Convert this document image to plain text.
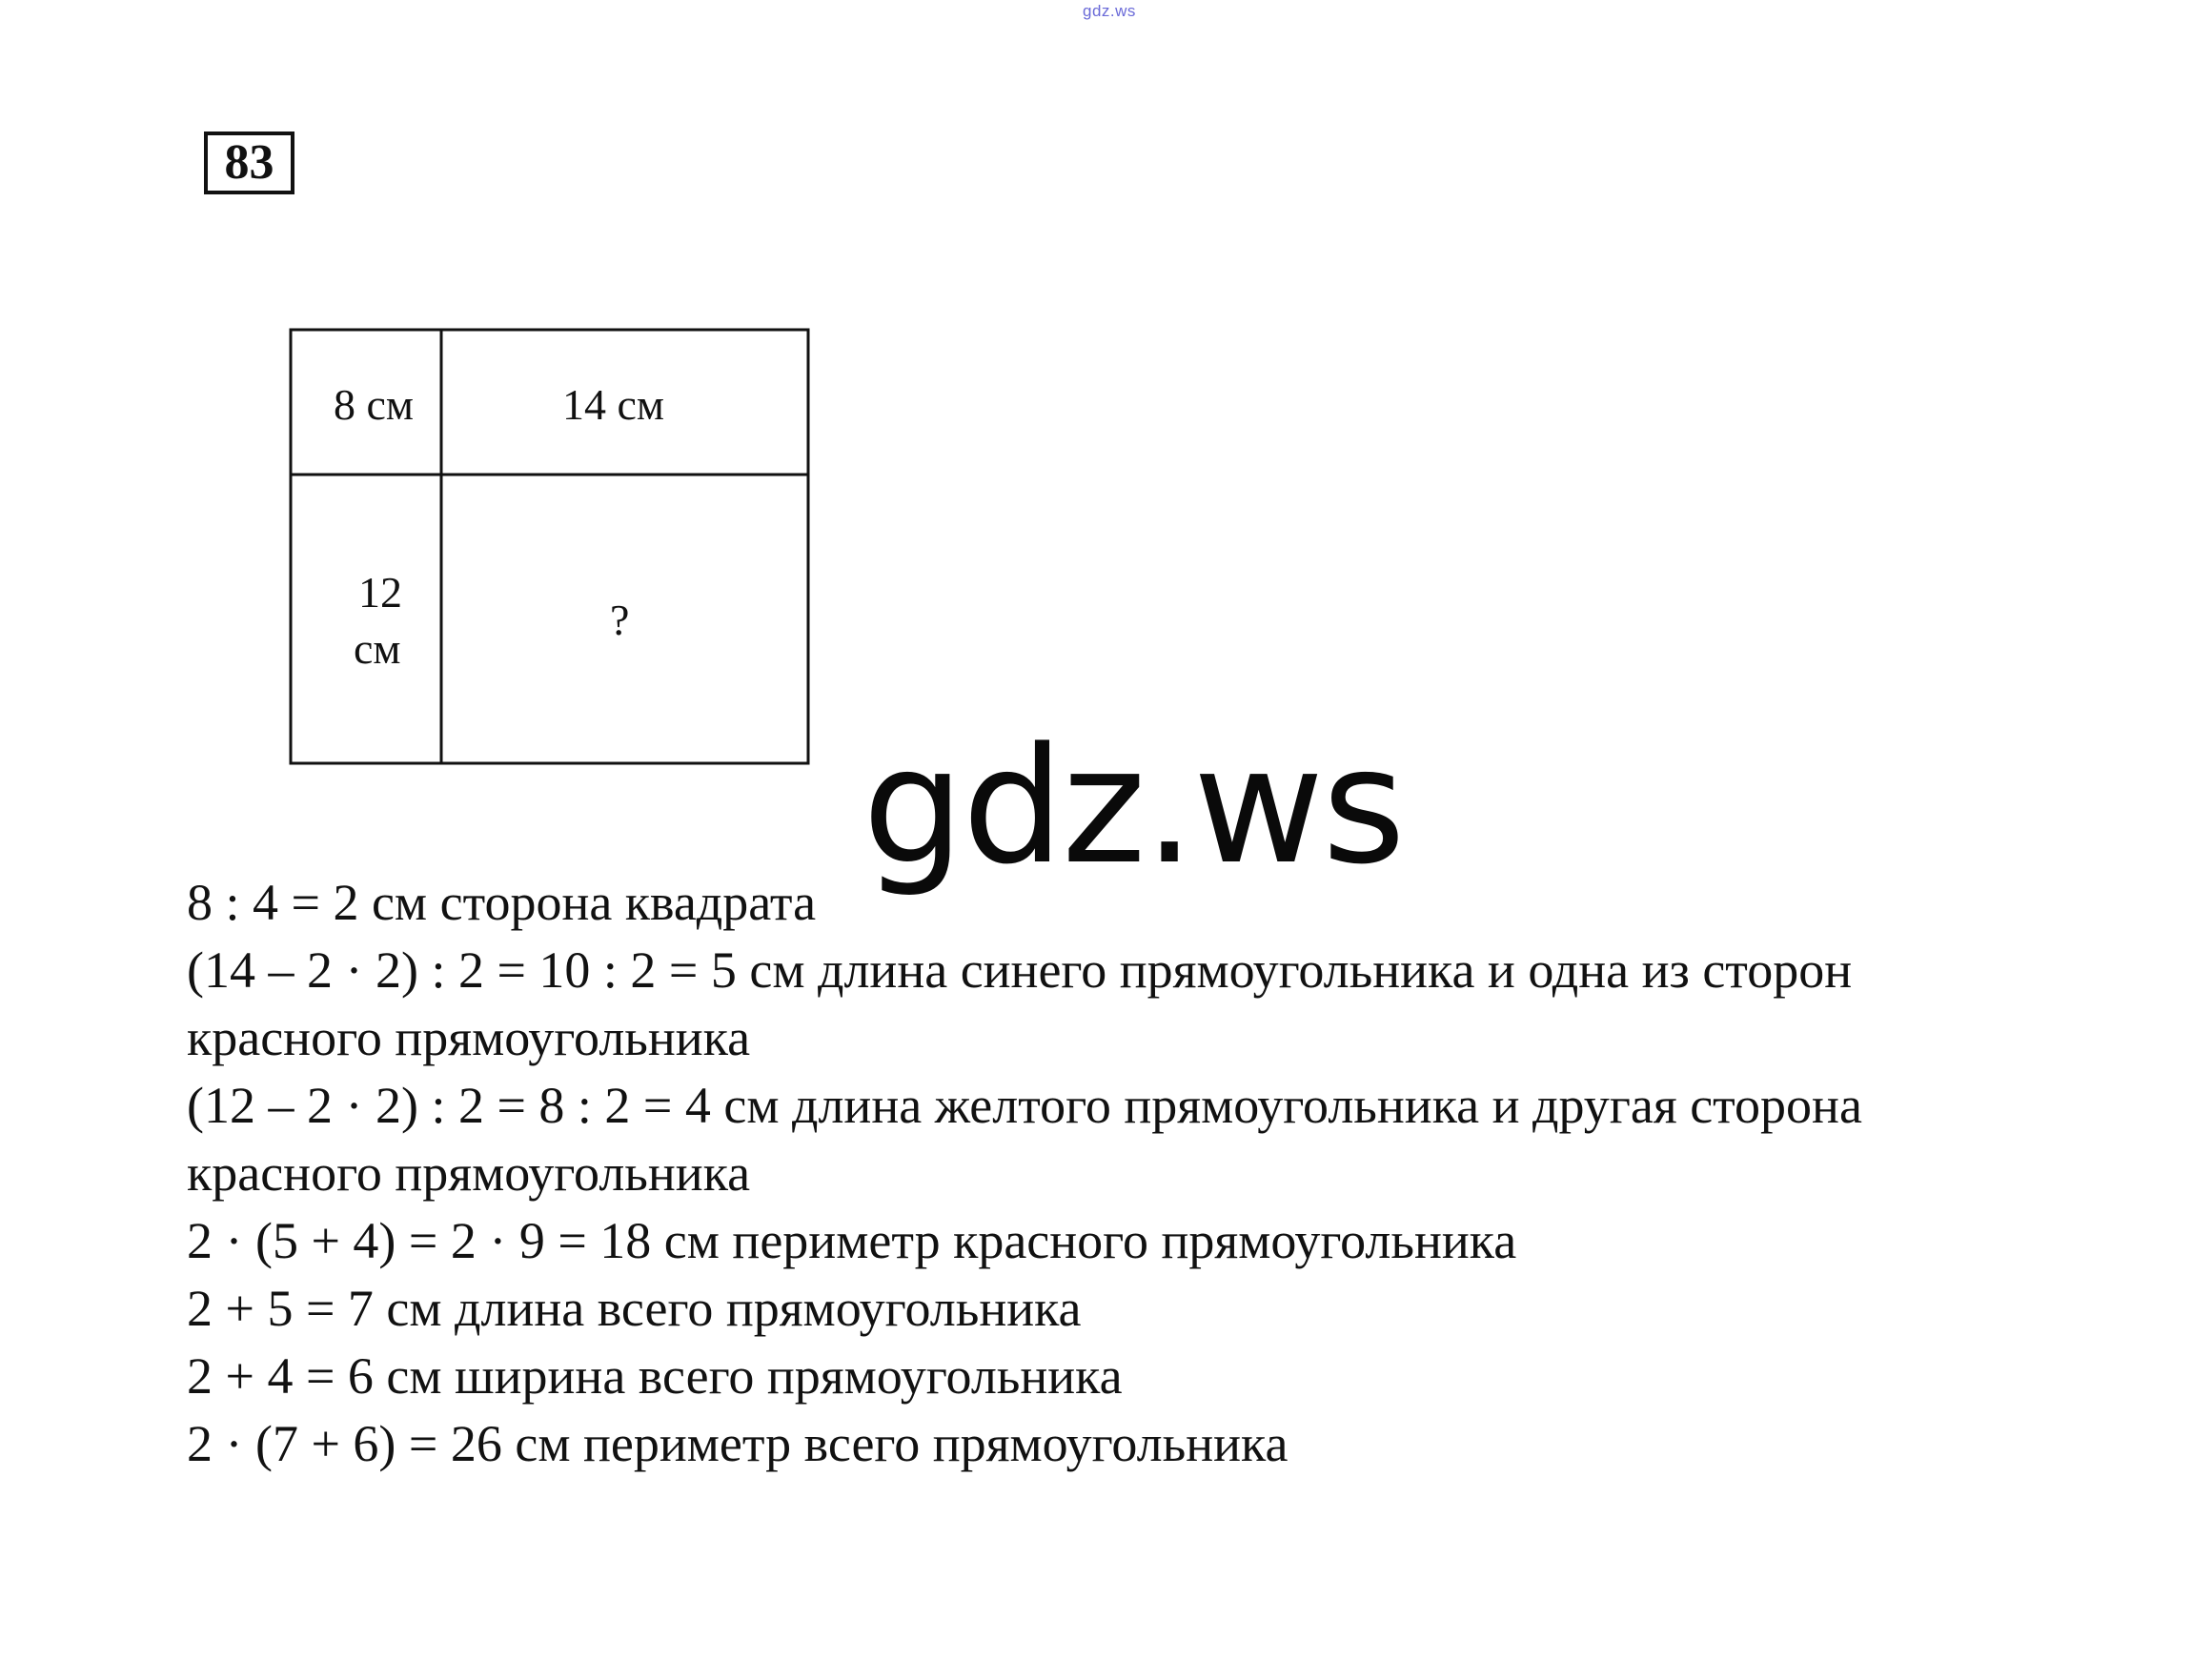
gdz.ws
83
8 см	14 см
12
см
?
gdz.ws
8 : 4 = 2 см сторона квадрата
(14 – 2 · 2) : 2 = 10 : 2 = 5 см длина синего прямоугольника и одна из сторон
красного прямоугольника
(12 – 2 · 2) : 2 = 8 : 2 = 4 см длина желтого прямоугольника и другая сторона
красного прямоугольника
2 · (5 + 4) = 2 · 9 = 18 см периметр красного прямоугольника
2 + 5 = 7 см длина всего прямоугольника
2 + 4 = 6 см ширина всего прямоугольника
2 · (7 + 6) = 26 см периметр всего прямоугольника
